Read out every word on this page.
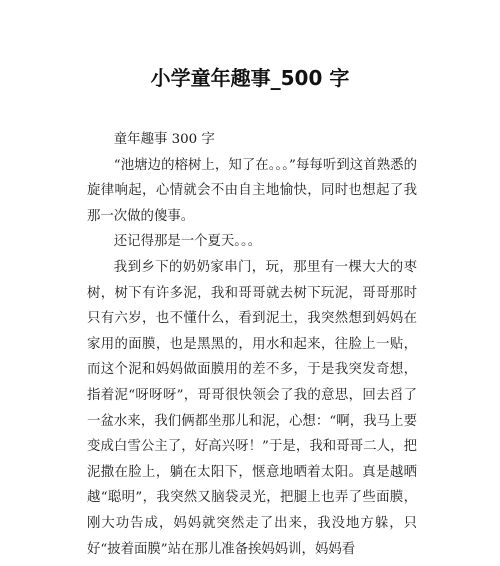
小学童年趣事_500 字

童年趣事 300 字

“池塘边的榕树上，知了在。。。”每每听到这首熟悉的旋律响起，心情就会不由自主地愉快，同时也想起了我那一次做的傻事。

还记得那是一个夏天。。。

我到乡下的奶奶家串门，玩，那里有一棵大大的枣树，树下有许多泥，我和哥哥就去树下玩泥，哥哥那时只有六岁，也不懂什么，看到泥土，我突然想到妈妈在家用的面膜，也是黑黑的，用水和起来，往脸上一贴，而这个泥和妈妈做面膜用的差不多，于是我突发奇想，指着泥“呀呀呀”，哥哥很快领会了我的意思，回去舀了一盆水来，我们俩都坐那儿和泥，心想：“啊，我马上要变成白雪公主了，好高兴呀！”于是，我和哥哥二人，把泥撒在脸上，躺在太阳下，惬意地晒着太阳。真是越晒越“聪明”，我突然又脑袋灵光，把腿上也弄了些面膜，刚大功告成，妈妈就突然走了出来，我没地方躲，只好“披着面膜”站在那儿准备挨妈妈训，妈妈看
